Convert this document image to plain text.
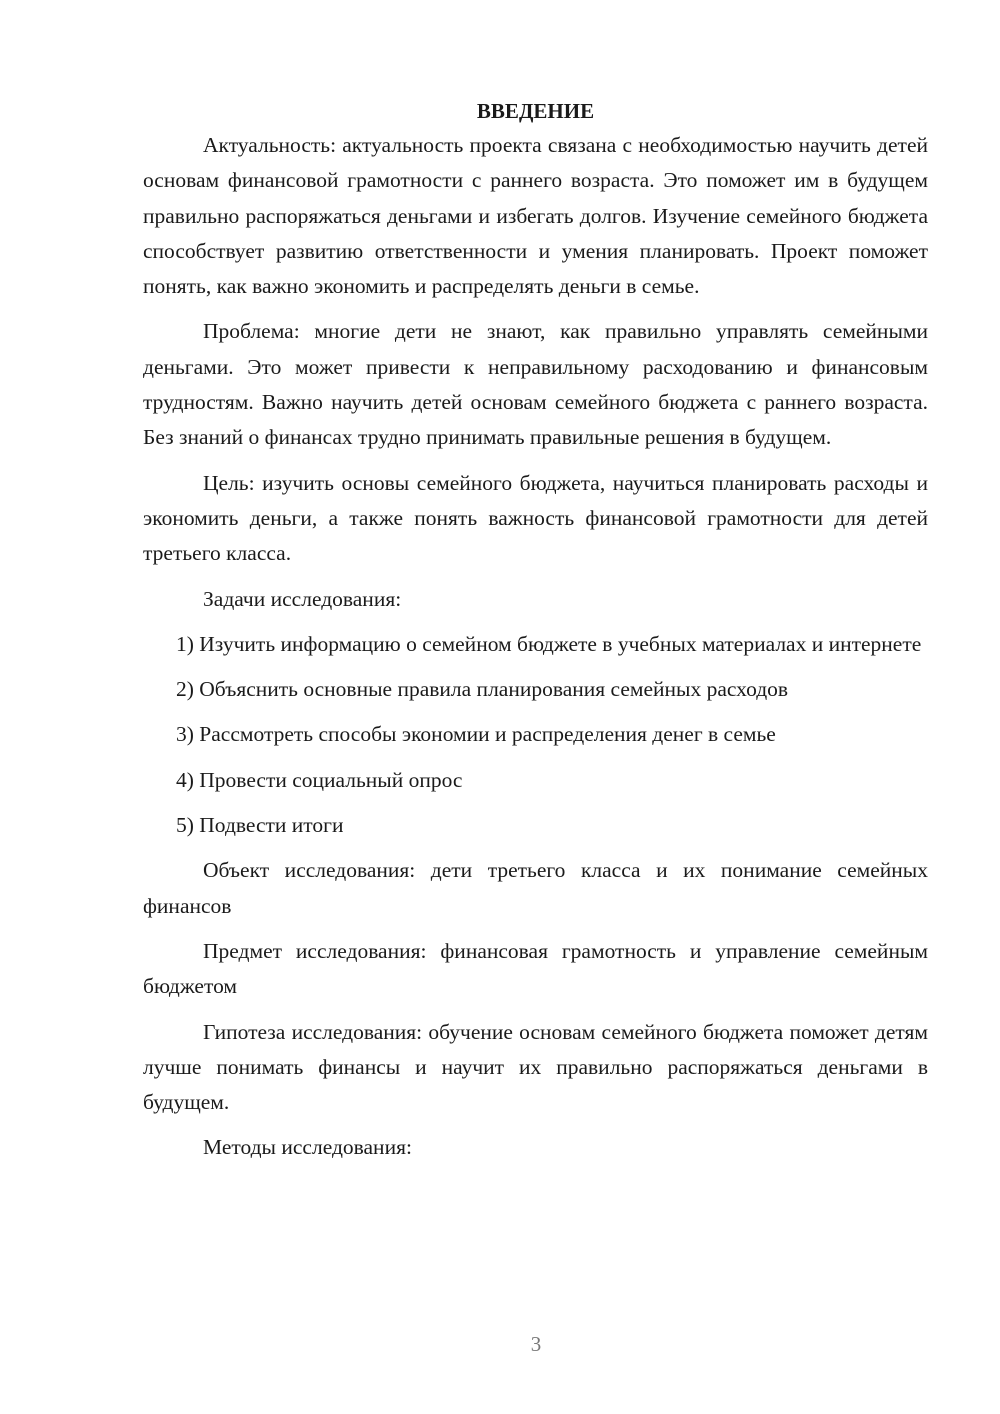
ВВЕДЕНИЕ

Актуальность: актуальность проекта связана с необходимостью научить детей основам финансовой грамотности с раннего возраста. Это поможет им в будущем правильно распоряжаться деньгами и избегать долгов. Изучение семейного бюджета способствует развитию ответственности и умения планировать. Проект поможет понять, как важно экономить и распределять деньги в семье.

Проблема: многие дети не знают, как правильно управлять семейными деньгами. Это может привести к неправильному расходованию и финансовым трудностям. Важно научить детей основам семейного бюджета с раннего возраста. Без знаний о финансах трудно принимать правильные решения в будущем.

Цель: изучить основы семейного бюджета, научиться планировать расходы и экономить деньги, а также понять важность финансовой грамотности для детей третьего класса.

Задачи исследования:

1) Изучить информацию о семейном бюджете в учебных материалах и интернете

2) Объяснить основные правила планирования семейных расходов

3) Рассмотреть способы экономии и распределения денег в семье

4) Провести социальный опрос

5) Подвести итоги

Объект исследования: дети третьего класса и их понимание семейных финансов

Предмет исследования: финансовая грамотность и управление семейным бюджетом

Гипотеза исследования: обучение основам семейного бюджета поможет детям лучше понимать финансы и научит их правильно распоряжаться деньгами в будущем.

Методы исследования:

3
